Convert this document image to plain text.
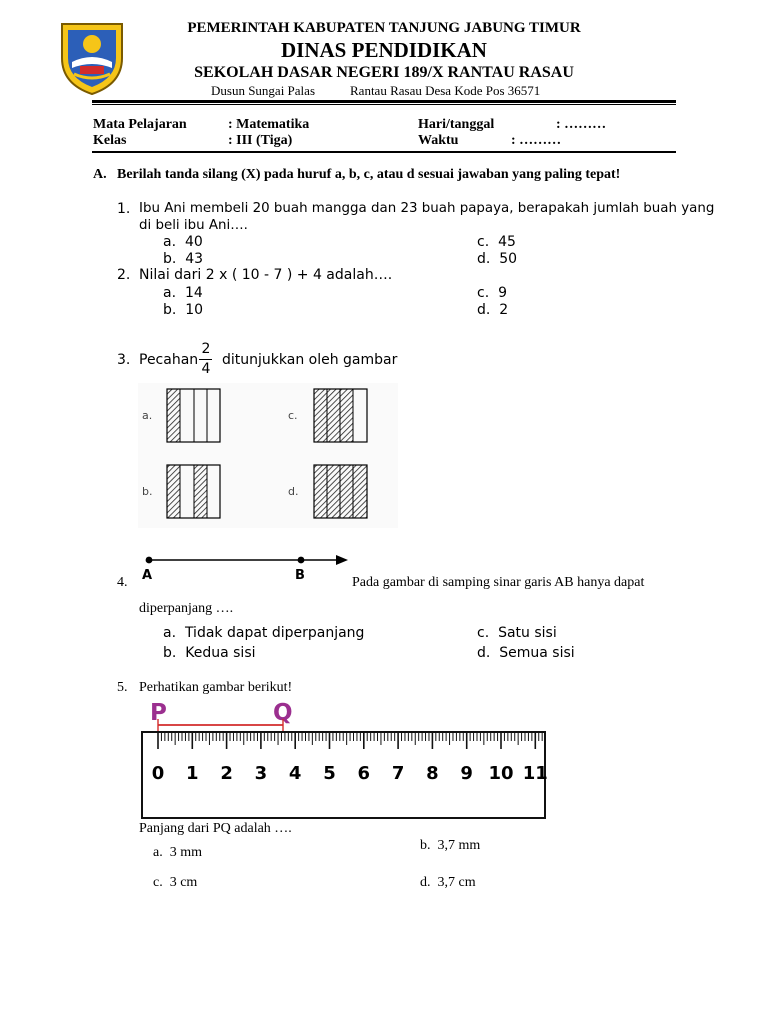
PEMERINTAH KABUPATEN TANJUNG JABUNG TIMUR
DINAS PENDIDIKAN
SEKOLAH DASAR NEGERI 189/X RANTAU RASAU
Dusun Sungai Palas	Rantau Rasau Desa Kode Pos 36571
Mata Pelajaran	: Matematika
Kelas	: III (Tiga)
Hari/tanggal	: ………
Waktu	: ………
A. Berilah tanda silang (X) pada huruf a, b, c, atau d sesuai jawaban yang paling tepat!
1. Ibu Ani membeli 20 buah mangga dan 23 buah papaya, berapakah jumlah buah yang
di beli ibu Ani….
a. 40
b. 43
c. 45
d. 50
2. Nilai dari 2 x ( 10 - 7 ) + 4 adalah….
a. 14
b. 10
c. 9
d. 2
3. Pecahan
2
4
ditunjukkan oleh gambar
a.	c.
b.	d.
A	B
4.	Pada gambar di samping sinar garis AB hanya dapat
diperpanjang ….
a. Tidak dapat diperpanjang
b. Kedua sisi
c. Satu sisi
d. Semua sisi
5. Perhatikan gambar berikut!
P	Q
0 1 2 3 4 5 6 7 8 9 10 11
Panjang dari PQ adalah ….
a. 3 mm	b. 3,7 mm
c. 3 cm	d. 3,7 cm
